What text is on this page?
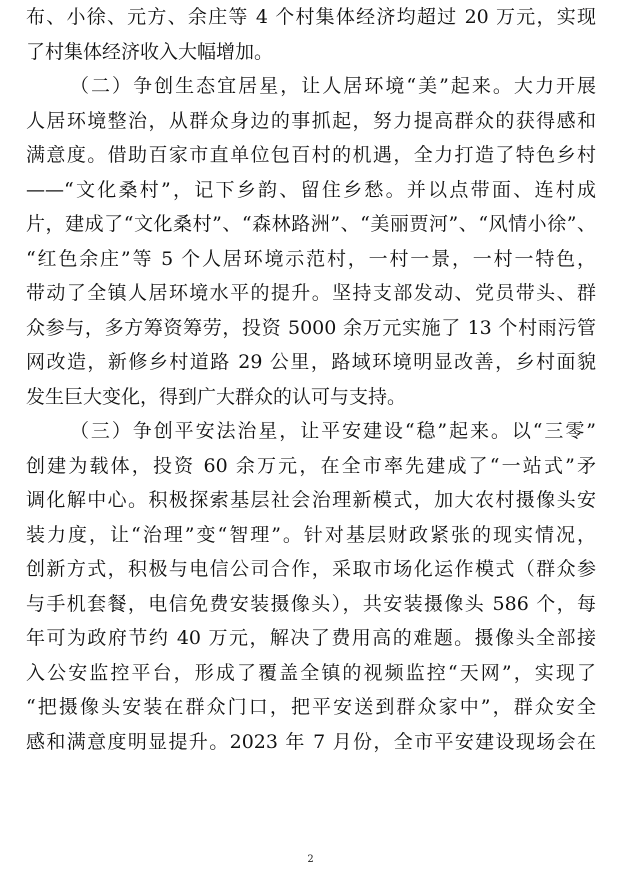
布、小徐、元方、余庄等 4 个村集体经济均超过 20 万元，实现
了村集体经济收入大幅增加。
（二）争创生态宜居星，让人居环境“美”起来。大力开展
人居环境整治，从群众身边的事抓起，努力提高群众的获得感和
满意度。借助百家市直单位包百村的机遇，全力打造了特色乡村
——“文化桑村”，记下乡韵、留住乡愁。并以点带面、连村成
片，建成了“文化桑村”、“森林路洲”、“美丽贾河”、“风情小徐”、
“红色余庄”等 5 个人居环境示范村，一村一景，一村一特色，
带动了全镇人居环境水平的提升。坚持支部发动、党员带头、群
众参与，多方筹资筹劳，投资 5000 余万元实施了 13 个村雨污管
网改造，新修乡村道路 29 公里，路域环境明显改善，乡村面貌
发生巨大变化，得到广大群众的认可与支持。
（三）争创平安法治星，让平安建设“稳”起来。以“三零”
创建为载体，投资 60 余万元，在全市率先建成了“一站式”矛
调化解中心。积极探索基层社会治理新模式，加大农村摄像头安
装力度，让“治理”变“智理”。针对基层财政紧张的现实情况，
创新方式，积极与电信公司合作，采取市场化运作模式（群众参
与手机套餐，电信免费安装摄像头），共安装摄像头 586 个，每
年可为政府节约 40 万元，解决了费用高的难题。摄像头全部接
入公安监控平台，形成了覆盖全镇的视频监控“天网”，实现了
“把摄像头安装在群众门口，把平安送到群众家中”，群众安全
感和满意度明显提升。2023 年 7 月份，全市平安建设现场会在
2
